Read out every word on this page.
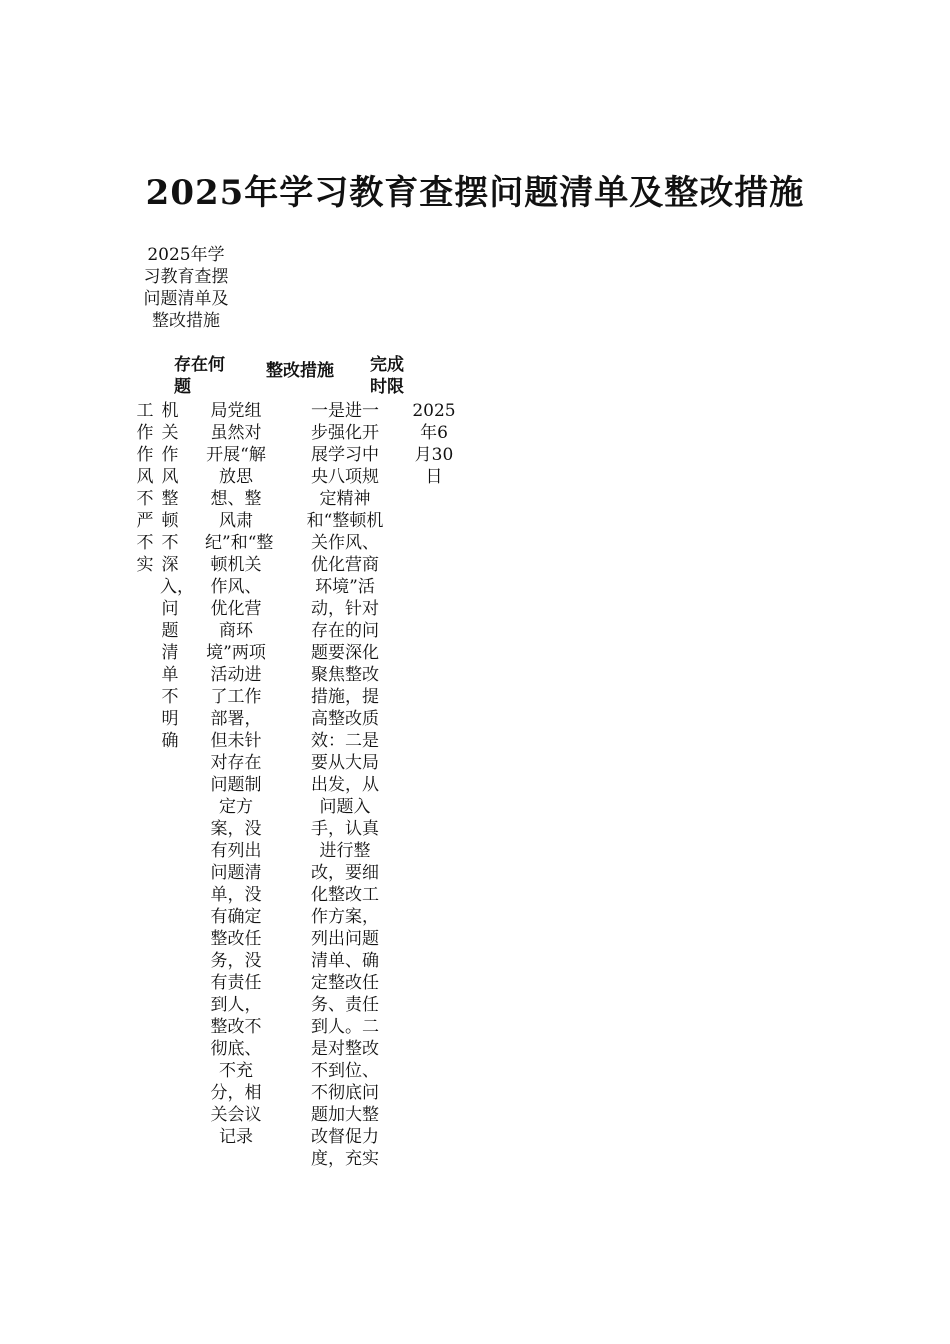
2025年学习教育查摆问题清单及整改措施
2025年学习教育查摆问题清单及整改措施
存在何题
整改措施	完成时限
工作作风不严不实
机关作风整顿不深入，问题清单不明确
局党组虽然对开展“解放思想、整风肃纪”和“整顿机关作风、优化营商环境”两项活动进了工作部署，但未针对存在问题制定方案，没有列出问题清单，没有确定整改任务，没有责任到人，整改不彻底、不充分，相关会议记录
一是进一步强化开展学习中央八项规定精神和“整顿机关作风、优化营商环境”活动，针对存在的问题要深化聚焦整改措施，提高整改质效：二是要从大局出发，从问题入手，认真进行整改，要细化整改工作方案，列出问题清单、确定整改任务、责任到人。二是对整改不到位、不彻底问题加大整改督促力度，充实
2025年6月30日
